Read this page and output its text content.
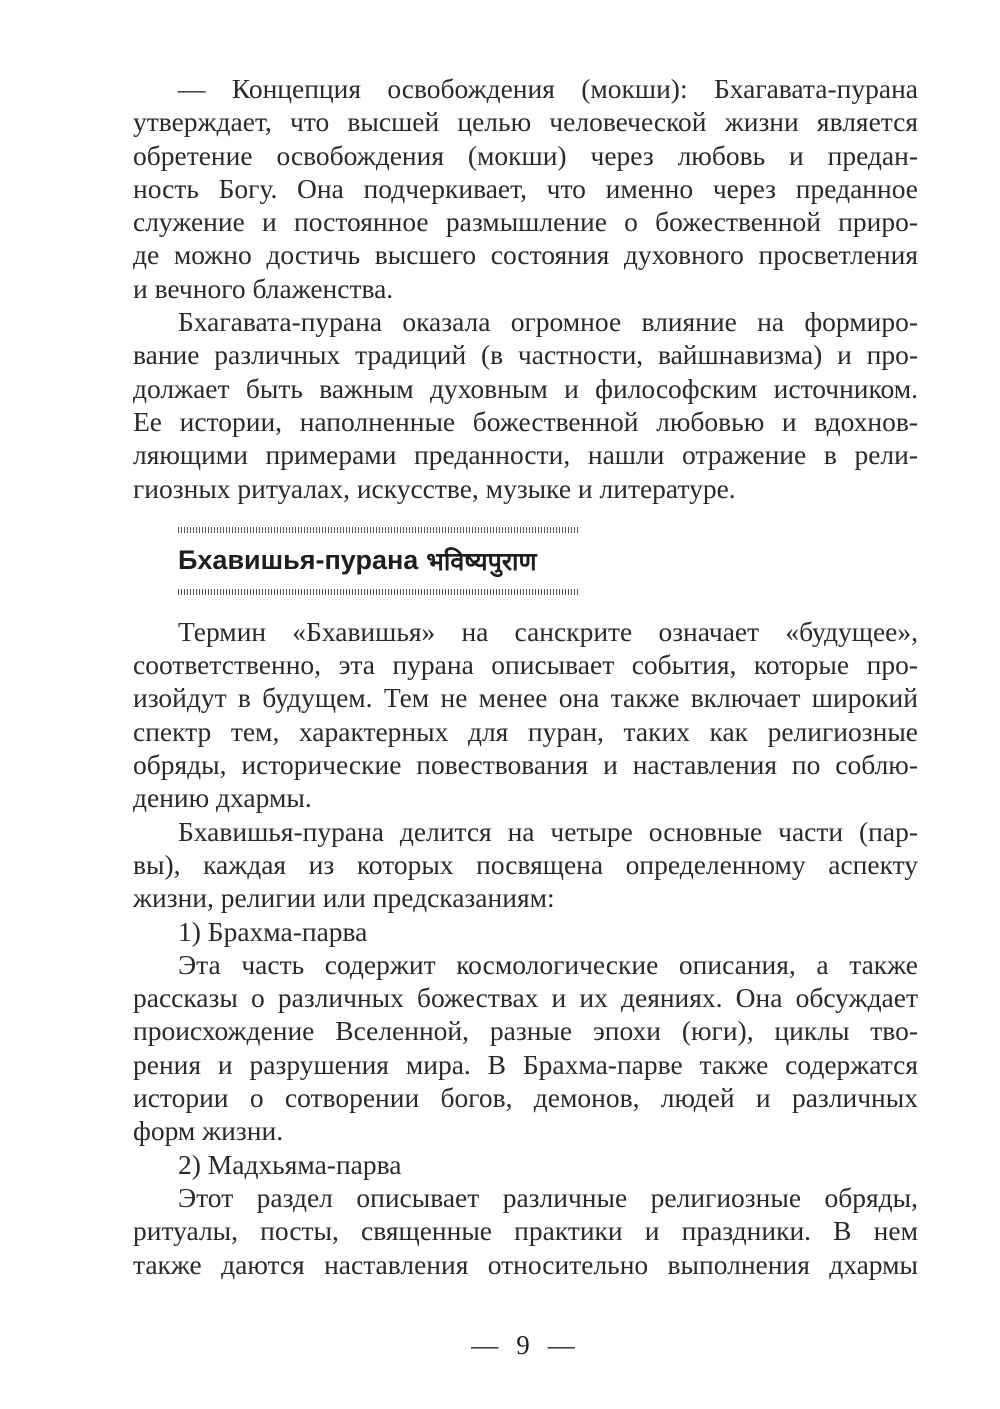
— Концепция освобождения (мокши): Бхагавата-пурана
утверждает, что высшей целью человеческой жизни является
обретение освобождения (мокши) через любовь и предан-
ность Богу. Она подчеркивает, что именно через преданное
служение и постоянное размышление о божественной приро-
де можно достичь высшего состояния духовного просветления
и вечного блаженства.
Бхагавата-пурана оказала огромное влияние на формиро-
вание различных традиций (в частности, вайшнавизма) и про-
должает быть важным духовным и философским источником.
Ее истории, наполненные божественной любовью и вдохнов-
ляющими примерами преданности, нашли отражение в рели-
гиозных ритуалах, искусстве, музыке и литературе.
Бхавишья-пурана भविष्यपुराण
Термин «Бхавишья» на санскрите означает «будущее»,
соответственно, эта пурана описывает события, которые про-
изойдут в будущем. Тем не менее она также включает широкий
спектр тем, характерных для пуран, таких как религиозные
обряды, исторические повествования и наставления по соблю-
дению дхармы.
Бхавишья-пурана делится на четыре основные части (пар-
вы), каждая из которых посвящена определенному аспекту
жизни, религии или предсказаниям:
1) Брахма-парва
Эта часть содержит космологические описания, а также
рассказы о различных божествах и их деяниях. Она обсуждает
происхождение Вселенной, разные эпохи (юги), циклы тво-
рения и разрушения мира. В Брахма-парве также содержатся
истории о сотворении богов, демонов, людей и различных
форм жизни.
2) Мадхьяма-парва
Этот раздел описывает различные религиозные обряды,
ритуалы, посты, священные практики и праздники. В нем
также даются наставления относительно выполнения дхармы
— 9 —
